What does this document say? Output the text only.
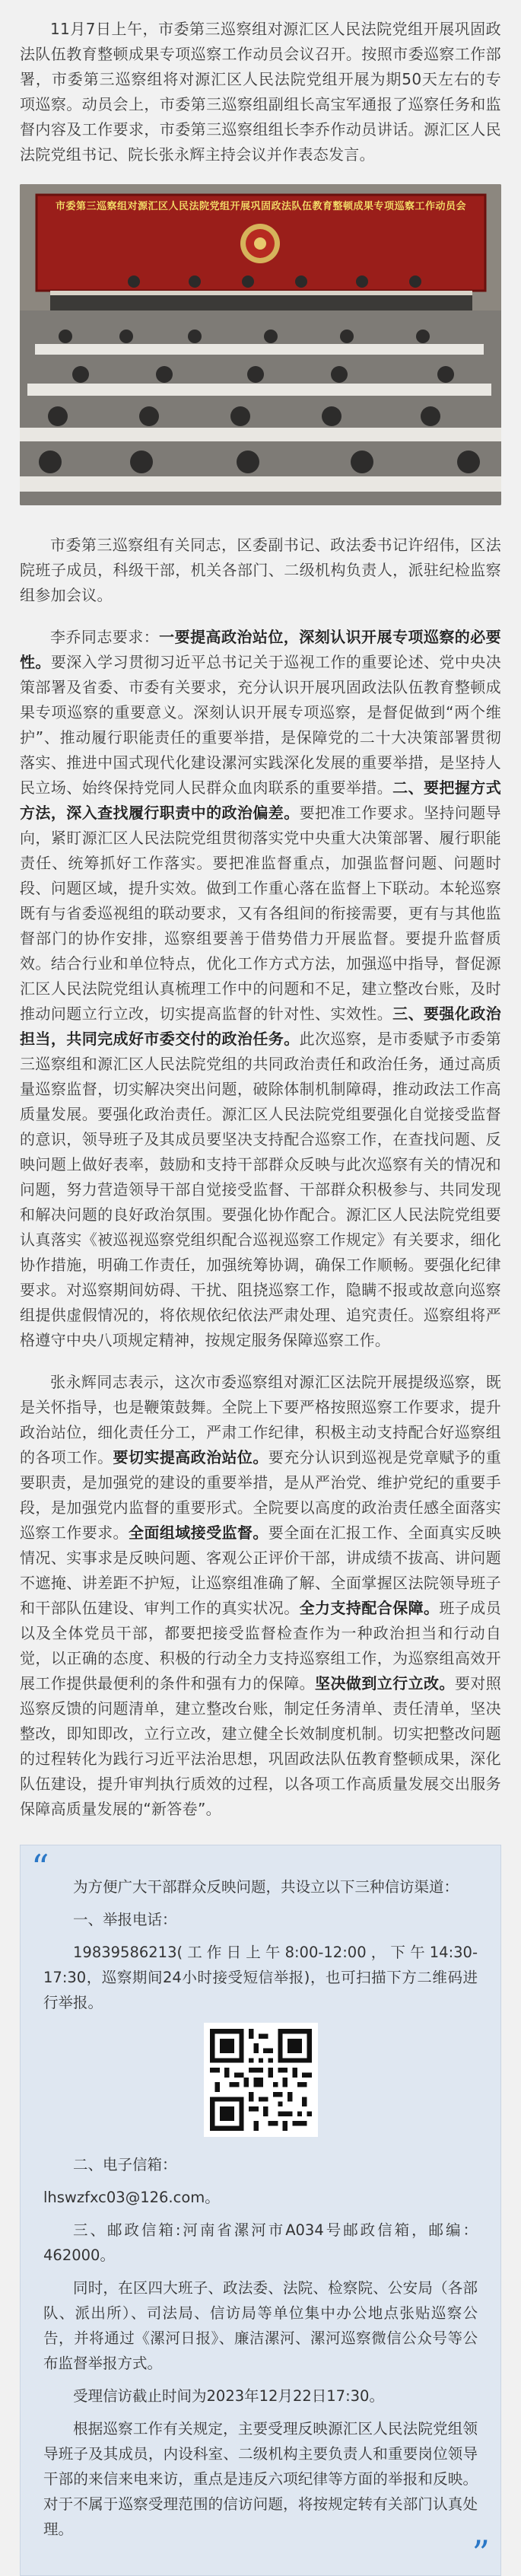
11月7日上午，市委第三巡察组对源汇区人民法院党组开展巩固政法队伍教育整顿成果专项巡察工作动员会议召开。按照市委巡察工作部署，市委第三巡察组将对源汇区人民法院党组开展为期50天左右的专项巡察。动员会上，市委第三巡察组副组长高宝军通报了巡察任务和监督内容及工作要求，市委第三巡察组组长李乔作动员讲话。源汇区人民法院党组书记、院长张永辉主持会议并作表态发言。

市委第三巡察组对源汇区人民法院党组开展巩固政法队伍教育整顿成果专项巡察工作动员会

市委第三巡察组有关同志，区委副书记、政法委书记许绍伟，区法院班子成员，科级干部，机关各部门、二级机构负责人，派驻纪检监察组参加会议。

李乔同志要求：一要提高政治站位，深刻认识开展专项巡察的必要性。要深入学习贯彻习近平总书记关于巡视工作的重要论述、党中央决策部署及省委、市委有关要求，充分认识开展巩固政法队伍教育整顿成果专项巡察的重要意义。深刻认识开展专项巡察，是督促做到“两个维护”、推动履行职能责任的重要举措，是保障党的二十大决策部署贯彻落实、推进中国式现代化建设漯河实践深化发展的重要举措，是坚持人民立场、始终保持党同人民群众血肉联系的重要举措。二、要把握方式方法，深入查找履行职责中的政治偏差。要把准工作要求。坚持问题导向，紧盯源汇区人民法院党组贯彻落实党中央重大决策部署、履行职能责任、统筹抓好工作落实。要把准监督重点，加强监督问题、问题时段、问题区域，提升实效。做到工作重心落在监督上下联动。本轮巡察既有与省委巡视组的联动要求，又有各组间的衔接需要，更有与其他监督部门的协作安排，巡察组要善于借势借力开展监督。要提升监督质效。结合行业和单位特点，优化工作方式方法，加强巡中指导，督促源汇区人民法院党组认真梳理工作中的问题和不足，建立整改台账，及时推动问题立行立改，切实提高监督的针对性、实效性。三、要强化政治担当，共同完成好市委交付的政治任务。此次巡察，是市委赋予市委第三巡察组和源汇区人民法院党组的共同政治责任和政治任务，通过高质量巡察监督，切实解决突出问题，破除体制机制障碍，推动政法工作高质量发展。要强化政治责任。源汇区人民法院党组要强化自觉接受监督的意识，领导班子及其成员要坚决支持配合巡察工作，在查找问题、反映问题上做好表率，鼓励和支持干部群众反映与此次巡察有关的情况和问题，努力营造领导干部自觉接受监督、干部群众积极参与、共同发现和解决问题的良好政治氛围。要强化协作配合。源汇区人民法院党组要认真落实《被巡视巡察党组织配合巡视巡察工作规定》有关要求，细化协作措施，明确工作责任，加强统筹协调，确保工作顺畅。要强化纪律要求。对巡察期间妨碍、干扰、阻挠巡察工作，隐瞒不报或故意向巡察组提供虚假情况的，将依规依纪依法严肃处理、追究责任。巡察组将严格遵守中央八项规定精神，按规定服务保障巡察工作。

张永辉同志表示，这次市委巡察组对源汇区法院开展提级巡察，既是关怀指导，也是鞭策鼓舞。全院上下要严格按照巡察工作要求，提升政治站位，细化责任分工，严肃工作纪律，积极主动支持配合好巡察组的各项工作。要切实提高政治站位。要充分认识到巡视是党章赋予的重要职责，是加强党的建设的重要举措，是从严治党、维护党纪的重要手段，是加强党内监督的重要形式。全院要以高度的政治责任感全面落实巡察工作要求。全面组域接受监督。要全面在汇报工作、全面真实反映情况、实事求是反映问题、客观公正评价干部，讲成绩不拔高、讲问题不遮掩、讲差距不护短，让巡察组准确了解、全面掌握区法院领导班子和干部队伍建设、审判工作的真实状况。全力支持配合保障。班子成员以及全体党员干部，都要把接受监督检查作为一种政治担当和行动自觉，以正确的态度、积极的行动全力支持巡察组工作，为巡察组高效开展工作提供最便利的条件和强有力的保障。坚决做到立行立改。要对照巡察反馈的问题清单，建立整改台账，制定任务清单、责任清单，坚决整改，即知即改，立行立改，建立健全长效制度机制。切实把整改问题的过程转化为践行习近平法治思想，巩固政法队伍教育整顿成果，深化队伍建设，提升审判执行质效的过程，以各项工作高质量发展交出服务保障高质量发展的“新答卷”。

“	为方便广大干部群众反映问题，共设立以下三种信访渠道：

一、举报电话：

19839586213(工作日上午8:00-12:00，下午14:30-17:30，巡察期间24小时接受短信举报)，也可扫描下方二维码进行举报。

二、电子信箱：

lhswzfxc03@126.com。

三、邮政信箱:河南省漯河市A034号邮政信箱，邮编：462000。

同时，在区四大班子、政法委、法院、检察院、公安局（各部队、派出所）、司法局、信访局等单位集中办公地点张贴巡察公告，并将通过《漯河日报》、廉洁漯河、漯河巡察微信公众号等公布监督举报方式。

受理信访截止时间为2023年12月22日17:30。

根据巡察工作有关规定，主要受理反映源汇区人民法院党组领导班子及其成员，内设科室、二级机构主要负责人和重要岗位领导干部的来信来电来访，重点是违反六项纪律等方面的举报和反映。对于不属于巡察受理范围的信访问题，将按规定转有关部门认真处理。

”
